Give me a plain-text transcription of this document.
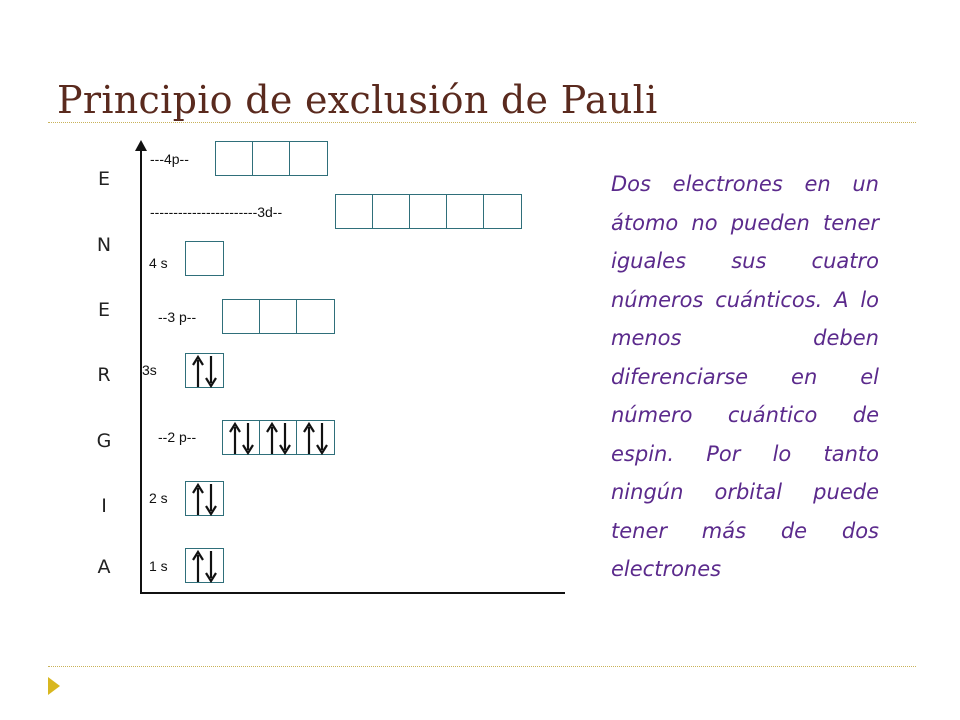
Principio de exclusión de Pauli
E
N
E
R
G
I
A
---4p--
-----------------------3d--
4 s
--3 p--
3s
--2 p--
2 s
1 s
Dos electrones en un átomo no pueden tener iguales sus cuatro números cuánticos. A lo menos deben diferenciarse en el número cuántico de espin. Por lo tanto ningún orbital puede tener más de dos electrones
